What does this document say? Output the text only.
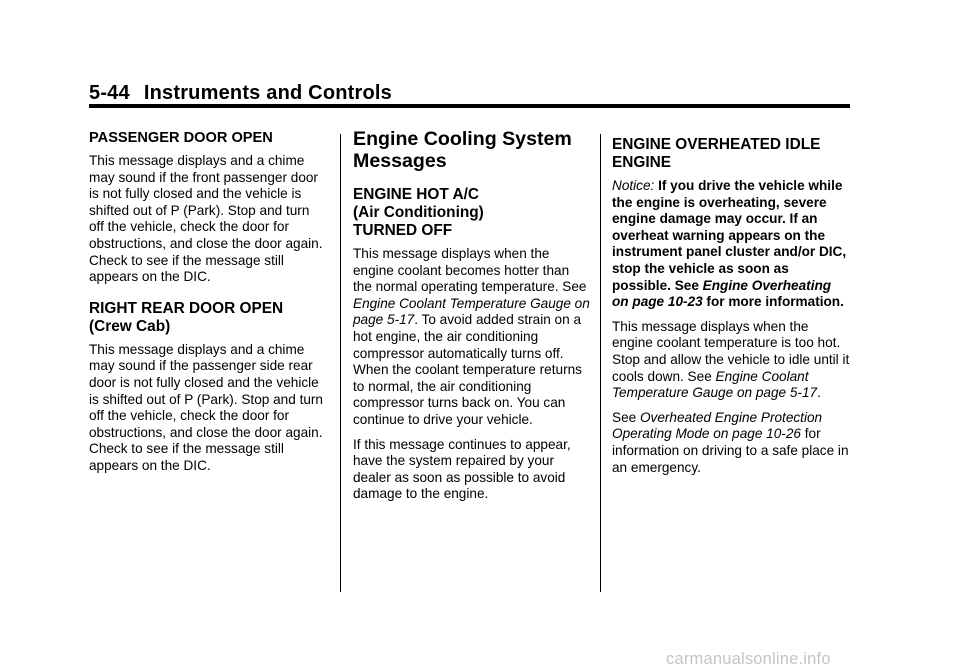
5-44 Instruments and Controls
PASSENGER DOOR OPEN

This message displays and a chime may sound if the front passenger door is not fully closed and the vehicle is shifted out of P (Park). Stop and turn off the vehicle, check the door for obstructions, and close the door again. Check to see if the message still appears on the DIC.

RIGHT REAR DOOR OPEN
(Crew Cab)

This message displays and a chime may sound if the passenger side rear door is not fully closed and the vehicle is shifted out of P (Park). Stop and turn off the vehicle, check the door for obstructions, and close the door again. Check to see if the message still appears on the DIC.

Engine Cooling System
Messages
ENGINE HOT A/C
(Air Conditioning)
TURNED OFF

This message displays when the engine coolant becomes hotter than the normal operating temperature. See Engine Coolant Temperature Gauge on page 5-17. To avoid added strain on a hot engine, the air conditioning compressor automatically turns off. When the coolant temperature returns to normal, the air conditioning compressor turns back on. You can continue to drive your vehicle.

If this message continues to appear, have the system repaired by your dealer as soon as possible to avoid damage to the engine.

ENGINE OVERHEATED IDLE
ENGINE

Notice: If you drive the vehicle while the engine is overheating, severe engine damage may occur. If an overheat warning appears on the instrument panel cluster and/or DIC, stop the vehicle as soon as possible. See Engine Overheating on page 10-23 for more information.

This message displays when the engine coolant temperature is too hot. Stop and allow the vehicle to idle until it cools down. See Engine Coolant Temperature Gauge on page 5-17.

See Overheated Engine Protection Operating Mode on page 10-26 for information on driving to a safe place in an emergency.

carmanualsonline.info
